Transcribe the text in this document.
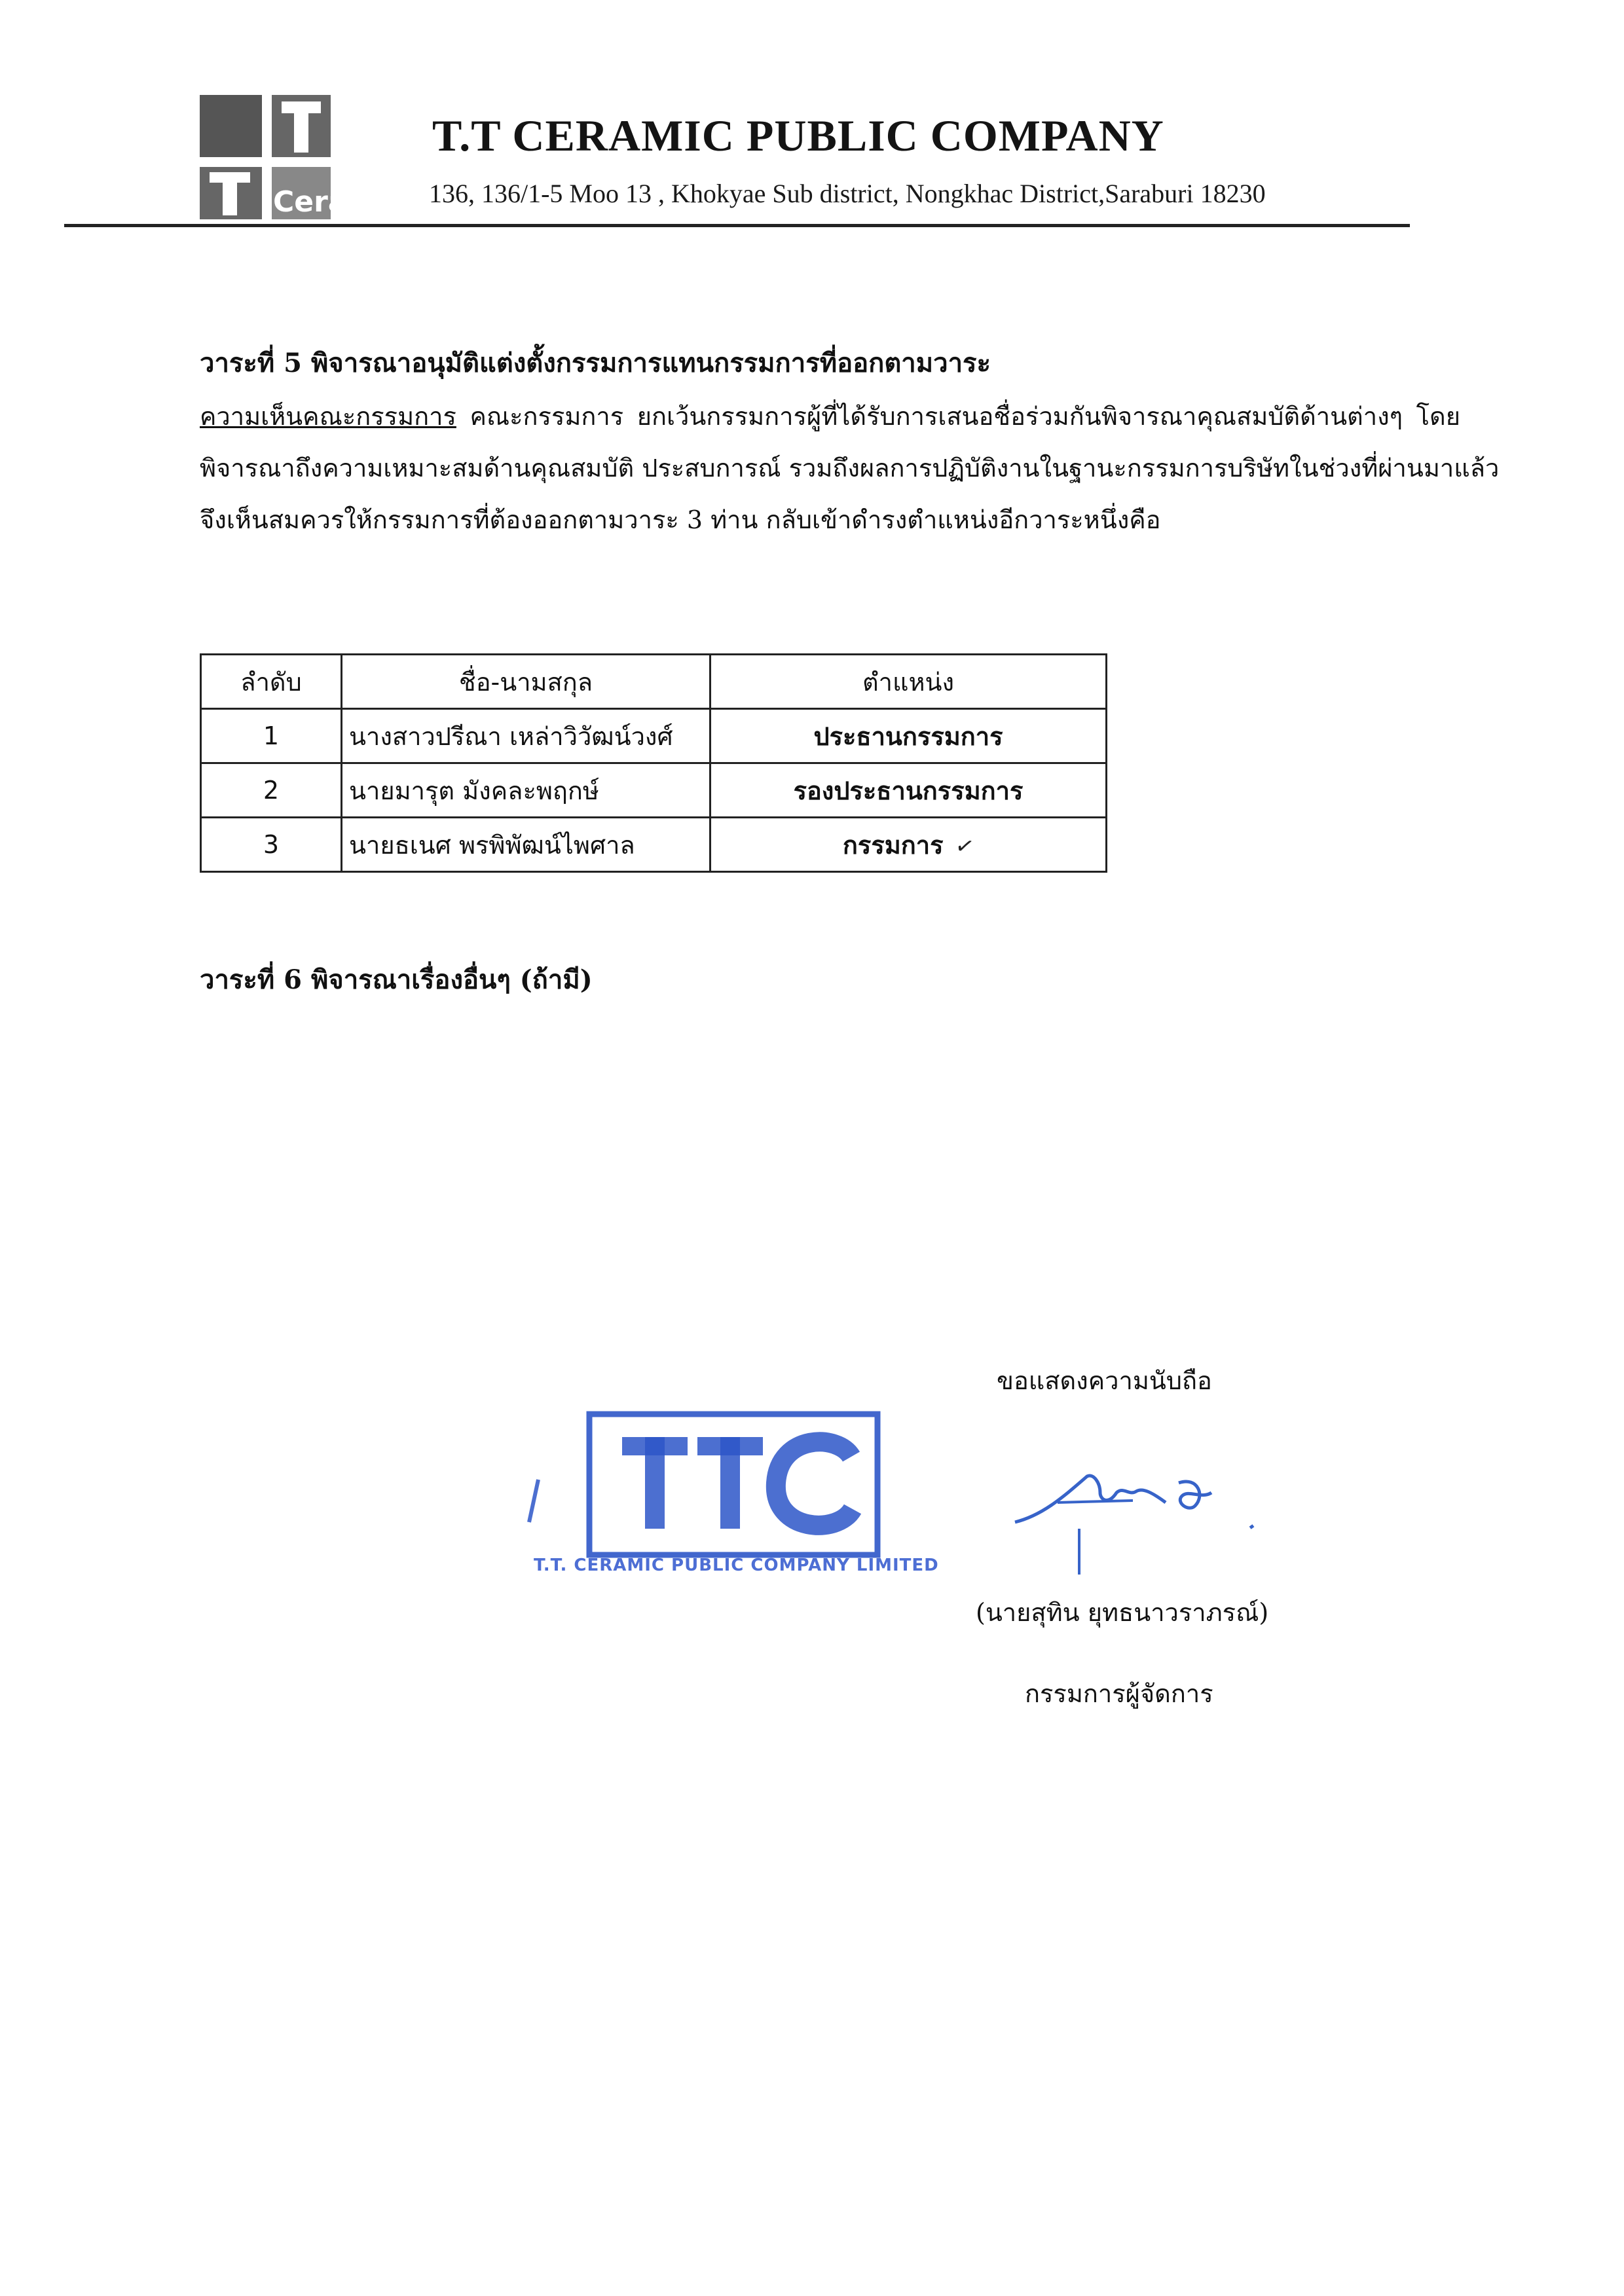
Ceramic
T.T CERAMIC PUBLIC COMPANY
136, 136/1-5 Moo 13 , Khokyae Sub district, Nongkhac District,Saraburi 18230
วาระที่ 5 พิจารณาอนุมัติแต่งตั้งกรรมการแทนกรรมการที่ออกตามวาระ
ความเห็นคณะกรรมการ คณะกรรมการ ยกเว้นกรรมการผู้ที่ได้รับการเสนอชื่อร่วมกันพิจารณาคุณสมบัติด้านต่างๆ โดย
พิจารณาถึงความเหมาะสมด้านคุณสมบัติ ประสบการณ์ รวมถึงผลการปฏิบัติงานในฐานะกรรมการบริษัทในช่วงที่ผ่านมาแล้ว
จึงเห็นสมควรให้กรรมการที่ต้องออกตามวาระ 3 ท่าน กลับเข้าดำรงตำแหน่งอีกวาระหนึ่งคือ
ลำดับ	ชื่อ-นามสกุล	ตำแหน่ง
1	นางสาวปรีณา เหล่าวิวัฒน์วงศ์	ประธานกรรมการ
2	นายมารุต มังคละพฤกษ์	รองประธานกรรมการ
3	นายธเนศ พรพิพัฒน์ไพศาล	กรรมการ ✓
วาระที่ 6 พิจารณาเรื่องอื่นๆ (ถ้ามี)
T.T. CERAMIC PUBLIC COMPANY LIMITED
ขอแสดงความนับถือ
(นายสุทิน ยุทธนาวราภรณ์)
กรรมการผู้จัดการ
